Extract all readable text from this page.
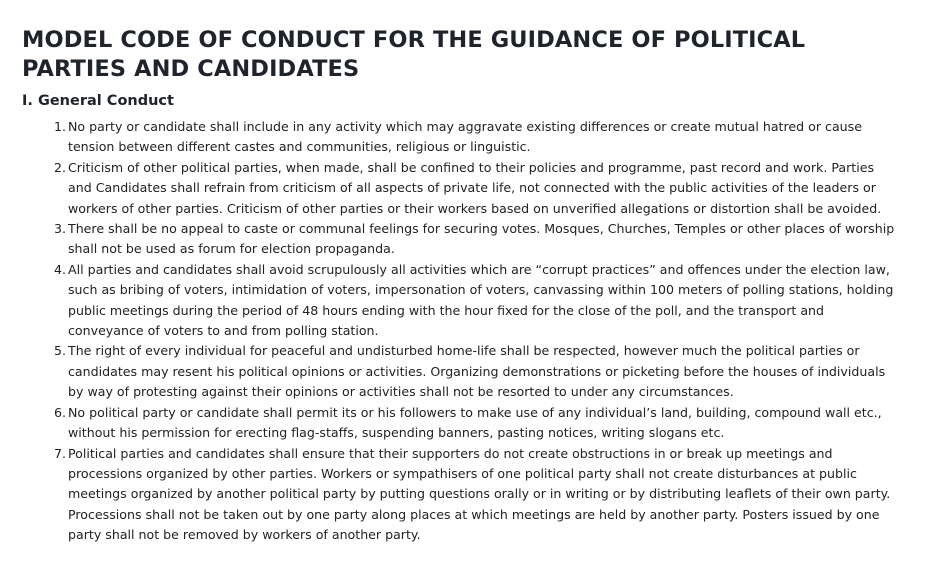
MODEL CODE OF CONDUCT FOR THE GUIDANCE OF POLITICAL PARTIES AND CANDIDATES
I. General Conduct
1. No party or candidate shall include in any activity which may aggravate existing differences or create mutual hatred or cause tension between different castes and communities, religious or linguistic.
2. Criticism of other political parties, when made, shall be confined to their policies and programme, past record and work. Parties and Candidates shall refrain from criticism of all aspects of private life, not connected with the public activities of the leaders or workers of other parties. Criticism of other parties or their workers based on unverified allegations or distortion shall be avoided.
3. There shall be no appeal to caste or communal feelings for securing votes. Mosques, Churches, Temples or other places of worship shall not be used as forum for election propaganda.
4. All parties and candidates shall avoid scrupulously all activities which are “corrupt practices” and offences under the election law, such as bribing of voters, intimidation of voters, impersonation of voters, canvassing within 100 meters of polling stations, holding public meetings during the period of 48 hours ending with the hour fixed for the close of the poll, and the transport and conveyance of voters to and from polling station.
5. The right of every individual for peaceful and undisturbed home-life shall be respected, however much the political parties or candidates may resent his political opinions or activities. Organizing demonstrations or picketing before the houses of individuals by way of protesting against their opinions or activities shall not be resorted to under any circumstances.
6. No political party or candidate shall permit its or his followers to make use of any individual’s land, building, compound wall etc., without his permission for erecting flag-staffs, suspending banners, pasting notices, writing slogans etc.
7. Political parties and candidates shall ensure that their supporters do not create obstructions in or break up meetings and processions organized by other parties. Workers or sympathisers of one political party shall not create disturbances at public meetings organized by another political party by putting questions orally or in writing or by distributing leaflets of their own party. Processions shall not be taken out by one party along places at which meetings are held by another party. Posters issued by one party shall not be removed by workers of another party.
